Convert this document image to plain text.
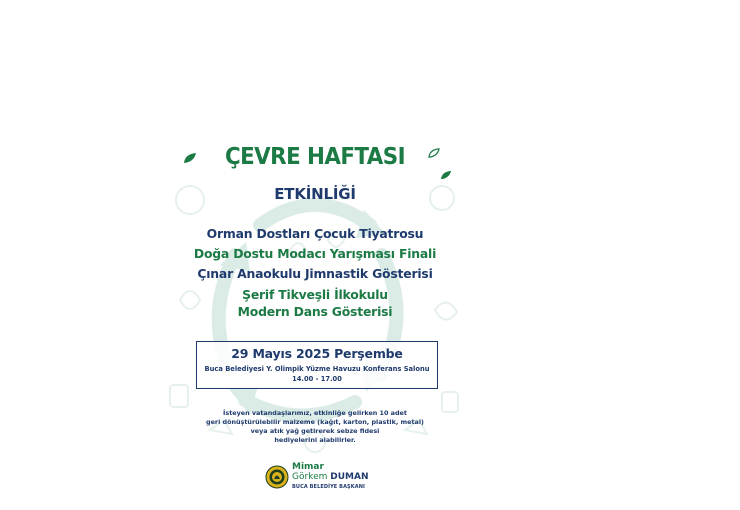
ÇEVRE HAFTASI
ETKİNLİĞİ
Orman Dostları Çocuk Tiyatrosu
Doğa Dostu Modacı Yarışması Finali
Çınar Anaokulu Jimnastik Gösterisi
Şerif Tikveşli İlkokulu
Modern Dans Gösterisi
29 Mayıs 2025 Perşembe
Buca Belediyesi Y. Olimpik Yüzme Havuzu Konferans Salonu
14.00 - 17.00
İsteyen vatandaşlarımız, etkinliğe gelirken 10 adet
geri dönüştürülebilir malzeme (kağıt, karton, plastik, metal)
veya atık yağ getirerek sebze fidesi
hediyelerini alabilirler.
Mimar
Görkem DUMAN
BUCA BELEDİYE BAŞKANI
